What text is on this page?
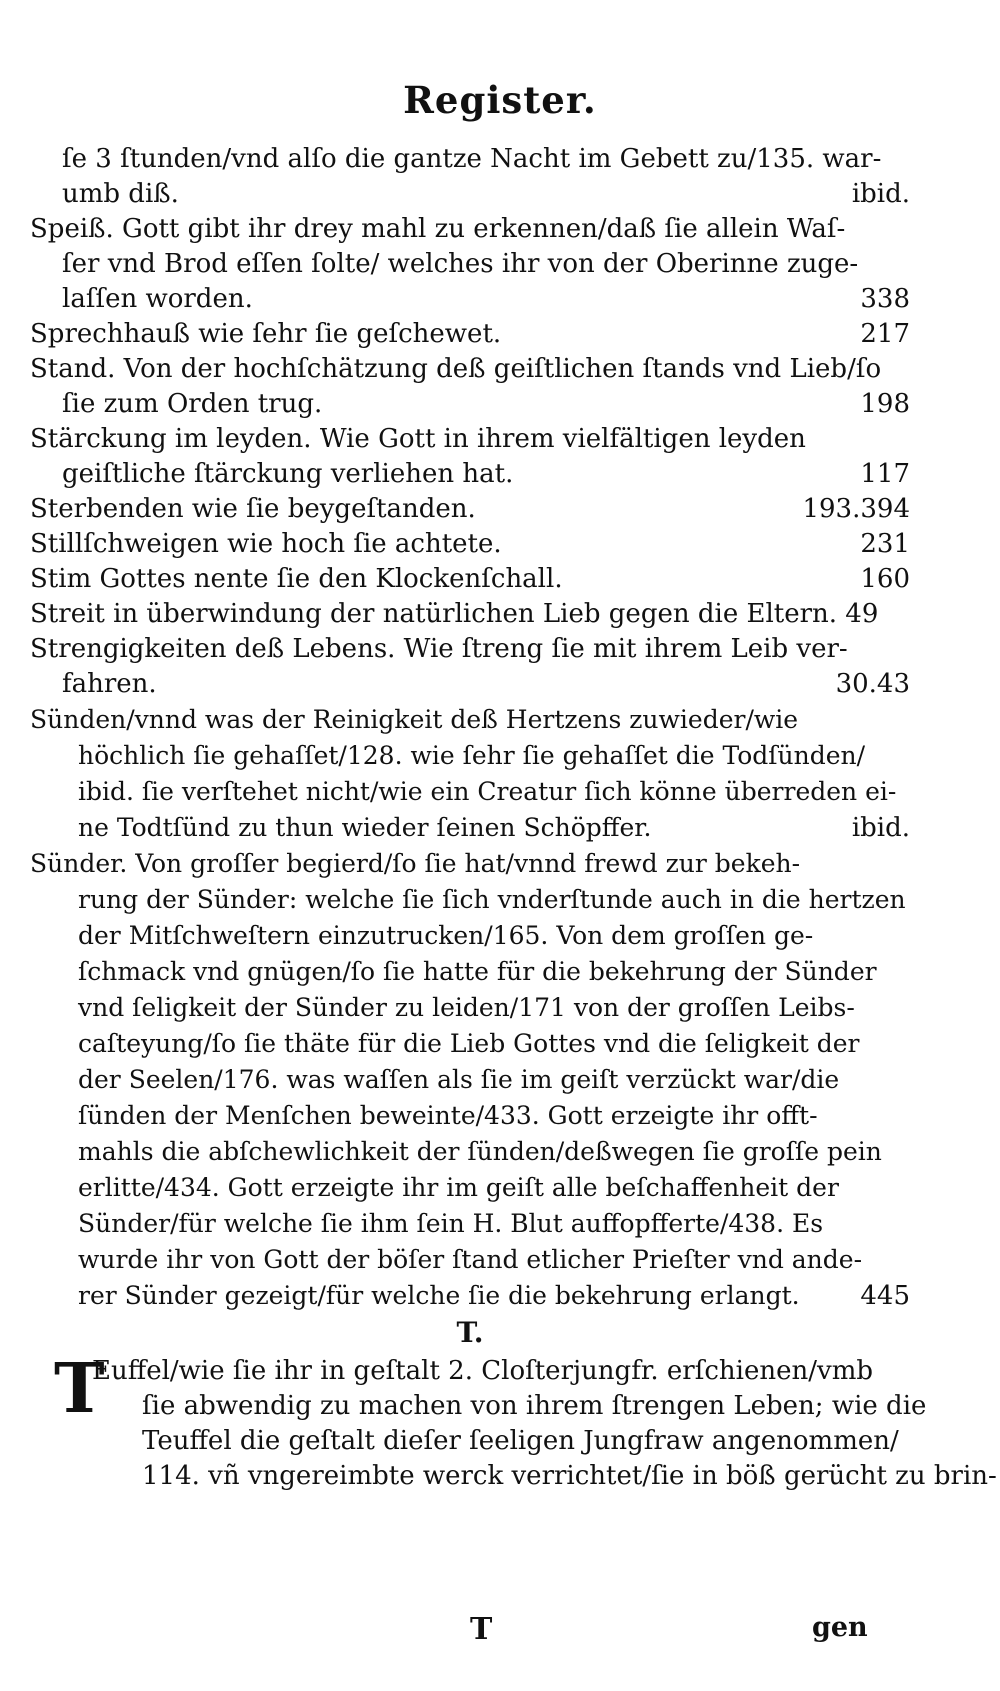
Register.
ſe 3 ſtunden/vnd alſo die gantze Nacht im Gebett zu/135. war-
umb diß.	ibid.
Speiß. Gott gibt ihr drey mahl zu erkennen/daß ſie allein Waſ-
ſer vnd Brod eſſen ſolte/ welches ihr von der Oberinne zuge-
laſſen worden.	338
Sprechhauß wie ſehr ſie geſchewet.	217
Stand. Von der hochſchätzung deß geiſtlichen ſtands vnd Lieb/ſo
ſie zum Orden trug.	198
Stärckung im leyden. Wie Gott in ihrem vielfältigen leyden
geiſtliche ſtärckung verliehen hat.	117
Sterbenden wie ſie beygeſtanden.	193.394
Stillſchweigen wie hoch ſie achtete.	231
Stim Gottes nente ſie den Klockenſchall.	160
Streit in überwindung der natürlichen Lieb gegen die Eltern. 49
Strengigkeiten deß Lebens. Wie ſtreng ſie mit ihrem Leib ver-
fahren.	30.43
Sünden/vnnd was der Reinigkeit deß Hertzens zuwieder/wie
höchlich ſie gehaſſet/128. wie ſehr ſie gehaſſet die Todſünden/
ibid. ſie verſtehet nicht/wie ein Creatur ſich könne überreden ei-
ne Todtſünd zu thun wieder ſeinen Schöpffer.	ibid.
Sünder. Von groſſer begierd/ſo ſie hat/vnnd frewd zur bekeh-
rung der Sünder: welche ſie ſich vnderſtunde auch in die hertzen
der Mitſchweſtern einzutrucken/165. Von dem groſſen ge-
ſchmack vnd gnügen/ſo ſie hatte für die bekehrung der Sünder
vnd ſeligkeit der Sünder zu leiden/171 von der groſſen Leibs-
caſteyung/ſo ſie thäte für die Lieb Gottes vnd die ſeligkeit der
der Seelen/176. was waſſen als ſie im geiſt verzückt war/die
ſünden der Menſchen beweinte/433. Gott erzeigte ihr offt-
mahls die abſchewlichkeit der ſünden/deßwegen ſie groſſe pein
erlitte/434. Gott erzeigte ihr im geiſt alle beſchaffenheit der
Sünder/für welche ſie ihm ſein H. Blut auffopfferte/438. Es
wurde ihr von Gott der böſer ſtand etlicher Prieſter vnd ande-
rer Sünder gezeigt/für welche ſie die bekehrung erlangt.	445
T.
T
Euffel/wie ſie ihr in geſtalt 2. Cloſterjungfr. erſchienen/vmb
ſie abwendig zu machen von ihrem ſtrengen Leben; wie die
Teuffel die geſtalt dieſer ſeeligen Jungfraw angenommen/
114. vñ vngereimbte werck verrichtet/ſie in böß gerücht zu brin-
T	gen
